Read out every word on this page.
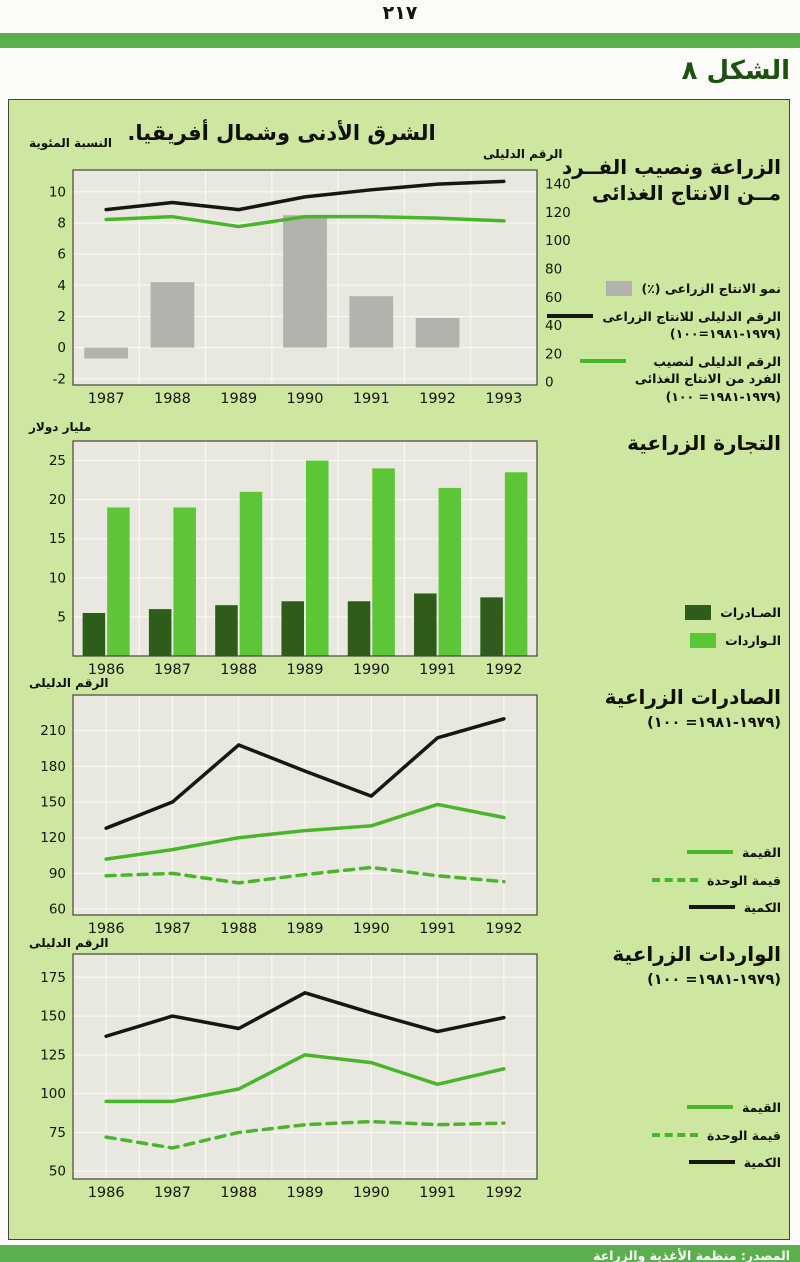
٢١٧
الشكل ٨
الشرق الأدنى وشمال أفريقيا.
النسبة المئوية
الرقم الدليلى
-2
0
2
4
6
8
10
0
20
40
60
80
100
120
140
1987 1988 1989 1990 1991 1992 1993
مليار دولار
5
10
15
20
25
1986 1987 1988 1989 1990 1991 1992
الرقم الدليلى
60
90
120
150
180
210
1986 1987 1988 1989 1990 1991 1992
الرقم الدليلى
50
75
100
125
150
175
1986 1987 1988 1989 1990 1991 1992
الزراعة ونصيب الفــرد
مــن الانتاج الغذائى
نمو الانتاج الزراعى (٪)
الرقم الدليلى للانتاج الزراعى
(١٩٧٩-١٩٨١=١٠٠)
الرقم الدليلى لنصيب
الفرد من الانتاج الغذائى
(١٩٧٩-١٩٨١= ١٠٠)
التجارة الزراعية
الصـادرات
الـواردات
الصادرات الزراعية
(١٩٧٩-١٩٨١= ١٠٠)
القيمة
قيمة الوحدة
الكمية
الواردات الزراعية
(١٩٧٩-١٩٨١= ١٠٠)
القيمة
قيمة الوحدة
الكمية
المصدر: منظمة الأغذية والزراعة
